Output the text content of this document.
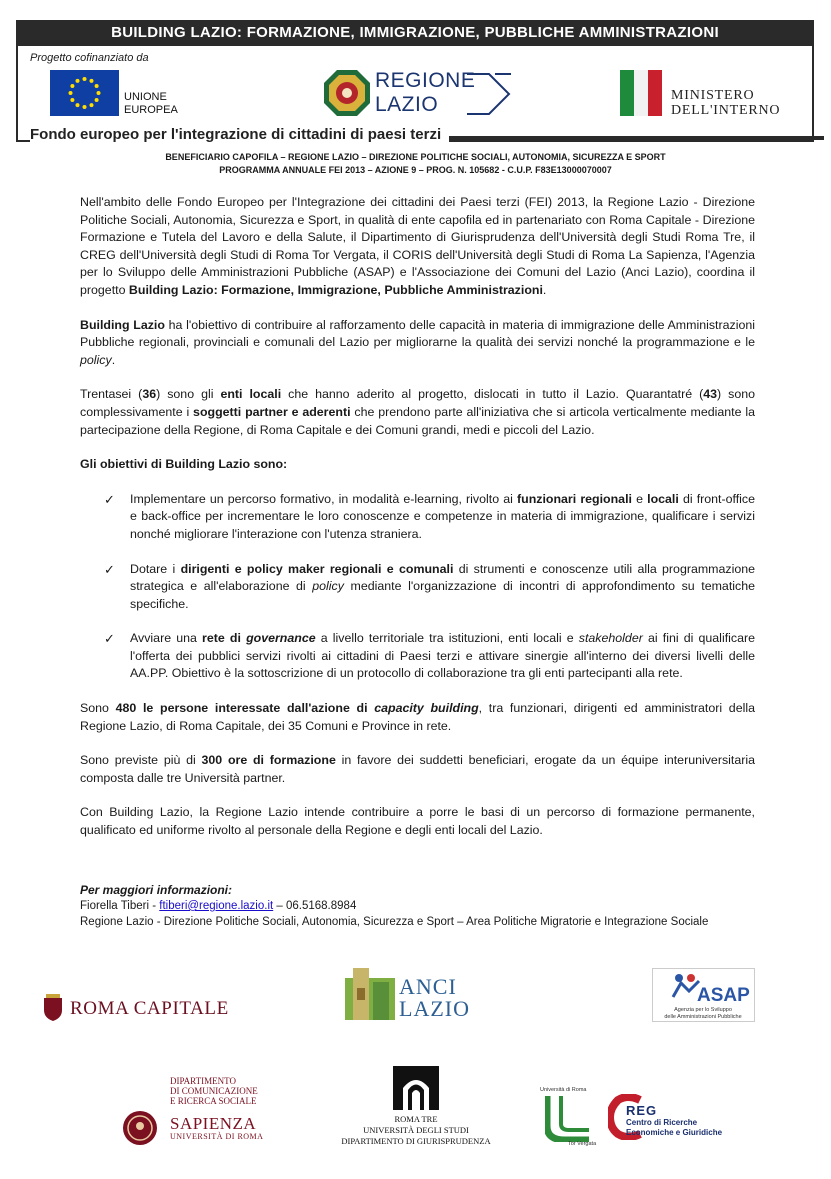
BUILDING LAZIO: FORMAZIONE, IMMIGRAZIONE, PUBBLICHE AMMINISTRAZIONI
Progetto cofinanziato da
UNIONE
EUROPEA
REGIONE
LAZIO	MINISTERO
DELL'INTERNO
Fondo europeo per l'integrazione di cittadini di paesi terzi
BENEFICIARIO CAPOFILA – REGIONE LAZIO – DIREZIONE POLITICHE SOCIALI, AUTONOMIA, SICUREZZA E SPORT
PROGRAMMA ANNUALE FEI 2013 – AZIONE 9 – PROG. N. 105682 - C.U.P. F83E13000070007

Nell'ambito delle Fondo Europeo per l'Integrazione dei cittadini dei Paesi terzi (FEI) 2013, la Regione Lazio - Direzione Politiche Sociali, Autonomia, Sicurezza e Sport, in qualità di ente capofila ed in partenariato con Roma Capitale - Direzione Formazione e Tutela del Lavoro e della Salute, il Dipartimento di Giurisprudenza dell'Università degli Studi Roma Tre, il CREG dell'Università degli Studi di Roma Tor Vergata, il CORIS dell'Università degli Studi di Roma La Sapienza, l'Agenzia per lo Sviluppo delle Amministrazioni Pubbliche (ASAP) e l'Associazione dei Comuni del Lazio (Anci Lazio), coordina il progetto Building Lazio: Formazione, Immigrazione, Pubbliche Amministrazioni.

Building Lazio ha l'obiettivo di contribuire al rafforzamento delle capacità in materia di immigrazione delle Amministrazioni Pubbliche regionali, provinciali e comunali del Lazio per migliorarne la qualità dei servizi nonché la programmazione e le policy.

Trentasei (36) sono gli enti locali che hanno aderito al progetto, dislocati in tutto il Lazio. Quarantatré (43) sono complessivamente i soggetti partner e aderenti che prendono parte all'iniziativa che si articola verticalmente mediante la partecipazione della Regione, di Roma Capitale e dei Comuni grandi, medi e piccoli del Lazio.

Gli obiettivi di Building Lazio sono:

✓ Implementare un percorso formativo, in modalità e-learning, rivolto ai funzionari regionali e locali di front-office e back-office per incrementare le loro conoscenze e competenze in materia di immigrazione, qualificare i servizi nonché migliorare l'interazione con l'utenza straniera.
✓ Dotare i dirigenti e policy maker regionali e comunali di strumenti e conoscenze utili alla programmazione strategica e all'elaborazione di policy mediante l'organizzazione di incontri di approfondimento su tematiche specifiche.
✓ Avviare una rete di governance a livello territoriale tra istituzioni, enti locali e stakeholder ai fini di qualificare l'offerta dei pubblici servizi rivolti ai cittadini di Paesi terzi e attivare sinergie all'interno dei diversi livelli delle AA.PP. Obiettivo è la sottoscrizione di un protocollo di collaborazione tra gli enti partecipanti alla rete.

Sono 480 le persone interessate dall'azione di capacity building, tra funzionari, dirigenti ed amministratori della Regione Lazio, di Roma Capitale, dei 35 Comuni e Province in rete.

Sono previste più di 300 ore di formazione in favore dei suddetti beneficiari, erogate da un équipe interuniversitaria composta dalle tre Università partner.

Con Building Lazio, la Regione Lazio intende contribuire a porre le basi di un percorso di formazione permanente, qualificato ed uniforme rivolto al personale della Regione e degli enti locali del Lazio.

Per maggiori informazioni:
Fiorella Tiberi - ftiberi@regione.lazio.it – 06.5168.8984
Regione Lazio - Direzione Politiche Sociali, Autonomia, Sicurezza e Sport – Area Politiche Migratorie e Integrazione Sociale
ROMA CAPITALE
ANCI
LAZIO
ASAP
Agenzia per lo Sviluppo
delle Amministrazioni Pubbliche
DIPARTIMENTO
DI COMUNICAZIONE
E RICERCA SOCIALE
SAPIENZA
UNIVERSITÀ DI ROMA
ROMA TRE
UNIVERSITÀ DEGLI STUDI
DIPARTIMENTO DI GIURISPRUDENZA
Università di Roma
Tor Vergata
REG
Centro di Ricerche
Economiche e Giuridiche
